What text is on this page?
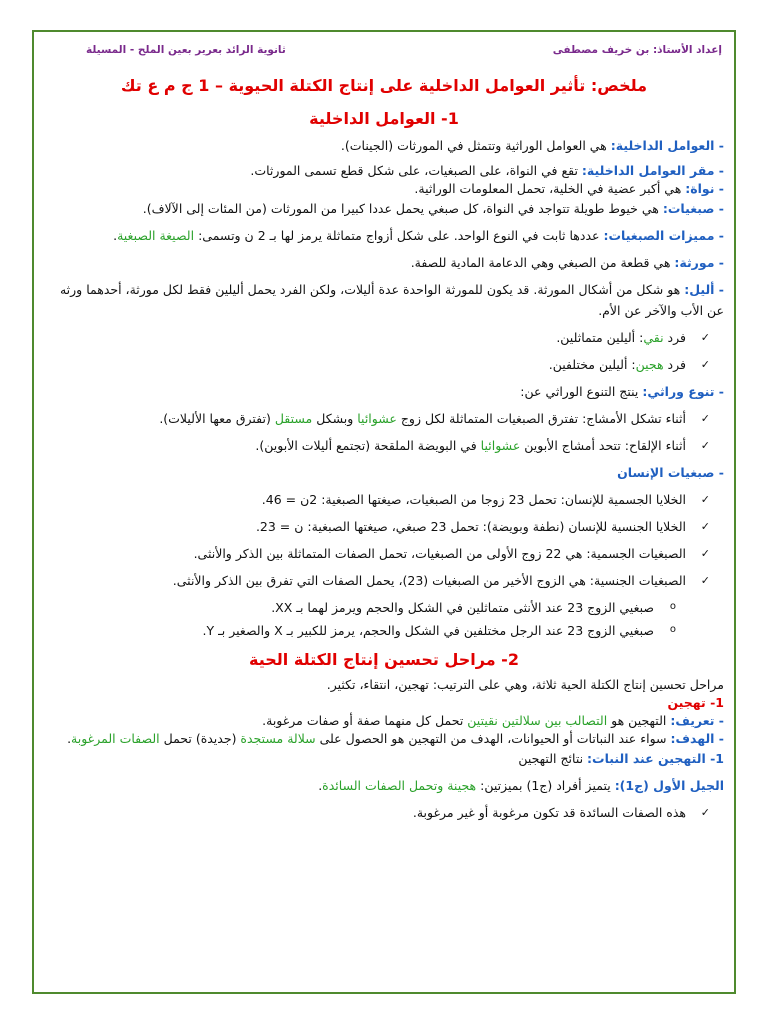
إعداد الأستاذ: بن خريف مصطفى
ثانوية الرائد بعرير بعين الملح - المسيلة
ملخص: تأثير العوامل الداخلية على إنتاج الكتلة الحيوية – 1 ج م ع تك
1- العوامل الداخلية

- العوامل الداخلية: هي العوامل الوراثية وتتمثل في المورثات (الجينات).

- مقر العوامل الداخلية: تقع في النواة، على الصبغيات، على شكل قطع تسمى المورثات.

- نواة: هي أكبر عضية في الخلية، تحمل المعلومات الوراثية.

- صبغيات: هي خيوط طويلة تتواجد في النواة، كل صبغي يحمل عددا كبيرا من المورثات (من المئات إلى الآلاف).

- مميزات الصبغيات: عددها ثابت في النوع الواحد. على شكل أزواج متماثلة يرمز لها بـ 2 ن وتسمى: الصيغة الصبغية.

- مورثة: هي قطعة من الصبغي وهي الدعامة المادية للصفة.

- أليل: هو شكل من أشكال المورثة. قد يكون للمورثة الواحدة عدة أليلات، ولكن الفرد يحمل أليلين فقط لكل مورثة، أحدهما ورثه عن الأب والآخر عن الأم.

✓ فرد نقي: أليلين متماثلين.
✓ فرد هجين: أليلين مختلفين.

- تنوع وراثي: ينتج التنوع الوراثي عن:

✓ أثناء تشكل الأمشاج: تفترق الصبغيات المتماثلة لكل زوج عشوائيا وبشكل مستقل (تفترق معها الأليلات).
✓ أثناء الإلقاح: تتحد أمشاج الأبوين عشوائيا في البويضة الملقحة (تجتمع أليلات الأبوين).

- صبغيات الإنسان

✓ الخلايا الجسمية للإنسان: تحمل 23 زوجا من الصبغيات، صيغتها الصبغية: 2ن = 46.
✓ الخلايا الجنسية للإنسان (نطفة وبويضة): تحمل 23 صبغي، صيغتها الصبغية: ن = 23.
✓ الصبغيات الجسمية: هي 22 زوج الأولى من الصبغيات، تحمل الصفات المتماثلة بين الذكر والأنثى.
✓ الصبغيات الجنسية: هي الزوج الأخير من الصبغيات (23)، يحمل الصفات التي تفرق بين الذكر والأنثى.
o صبغيي الزوج 23 عند الأنثى متماثلين في الشكل والحجم ويرمز لهما بـ XX.
o صبغيي الزوج 23 عند الرجل مختلفين في الشكل والحجم، يرمز للكبير بـ X والصغير بـ Y.
2- مراحل تحسين إنتاج الكتلة الحية

مراحل تحسين إنتاج الكتلة الحية ثلاثة، وهي على الترتيب: تهجين، انتقاء، تكثير.

1- تهجين

- تعريف: التهجين هو التصالب بين سلالتين نقيتين تحمل كل منهما صفة أو صفات مرغوبة.

- الهدف: سواء عند النباتات أو الحيوانات، الهدف من التهجين هو الحصول على سلالة مستجدة (جديدة) تحمل الصفات المرغوبة.

1- التهجين عند النبات: نتائج التهجين

الجيل الأول (ج1): يتميز أفراد (ج1) بميزتين: هجينة وتحمل الصفات السائدة.

✓ هذه الصفات السائدة قد تكون مرغوبة أو غير مرغوبة.
